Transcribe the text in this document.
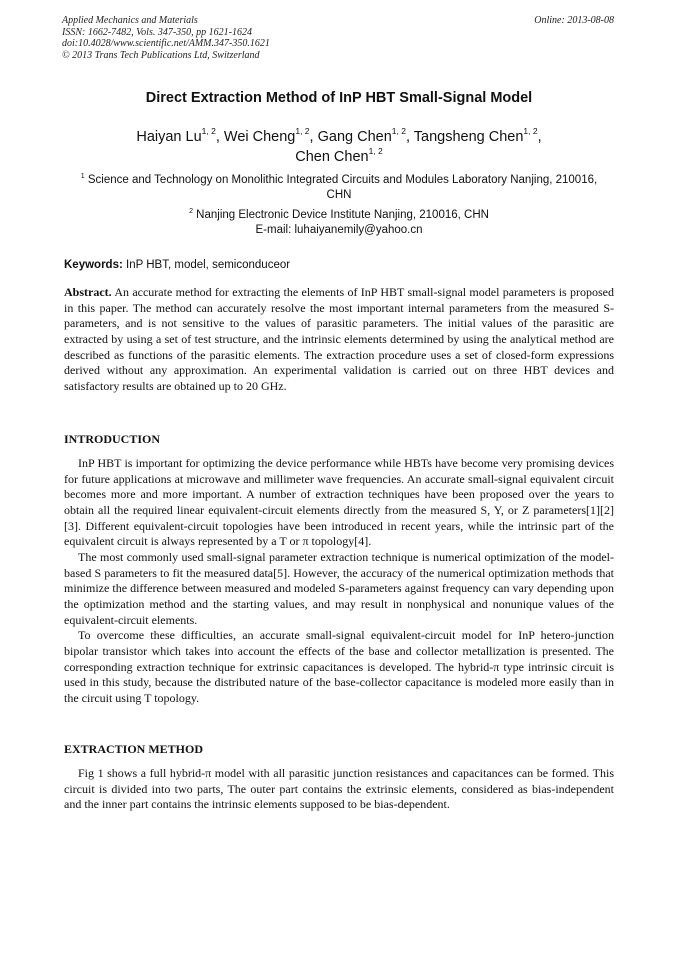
Applied Mechanics and Materials
ISSN: 1662-7482, Vols. 347-350, pp 1621-1624
doi:10.4028/www.scientific.net/AMM.347-350.1621
© 2013 Trans Tech Publications Ltd, Switzerland
Online: 2013-08-08
Direct Extraction Method of InP HBT Small-Signal Model
Haiyan Lu$^{1, 2}$, Wei Cheng$^{1, 2}$, Gang Chen$^{1, 2}$, Tangsheng Chen$^{1, 2}$,
Chen Chen$^{1, 2}$
$^1$ Science and Technology on Monolithic Integrated Circuits and Modules Laboratory Nanjing, 210016, CHN
$^2$ Nanjing Electronic Device Institute Nanjing, 210016, CHN
E-mail: luhaiyanemily@yahoo.cn
Keywords: InP HBT, model, semiconduceor
Abstract. An accurate method for extracting the elements of InP HBT small-signal model parameters is proposed in this paper. The method can accurately resolve the most important internal parameters from the measured S-parameters, and is not sensitive to the values of parasitic parameters. The initial values of the parasitic are extracted by using a set of test structure, and the intrinsic elements determined by using the analytical method are described as functions of the parasitic elements. The extraction procedure uses a set of closed-form expressions derived without any approximation. An experimental validation is carried out on three HBT devices and satisfactory results are obtained up to 20 GHz.
INTRODUCTION

InP HBT is important for optimizing the device performance while HBTs have become very promising devices for future applications at microwave and millimeter wave frequencies. An accurate small-signal equivalent circuit becomes more and more important. A number of extraction techniques have been proposed over the years to obtain all the required linear equivalent-circuit elements directly from the measured S, Y, or Z parameters[1][2][3]. Different equivalent-circuit topologies have been introduced in recent years, while the intrinsic part of the equivalent circuit is always represented by a T or π topology[4].

The most commonly used small-signal parameter extraction technique is numerical optimization of the model-based S parameters to fit the measured data[5]. However, the accuracy of the numerical optimization methods that minimize the difference between measured and modeled S-parameters against frequency can vary depending upon the optimization method and the starting values, and may result in nonphysical and nonunique values of the equivalent-circuit elements.

To overcome these difficulties, an accurate small-signal equivalent-circuit model for InP hetero-junction bipolar transistor which takes into account the effects of the base and collector metallization is presented. The corresponding extraction technique for extrinsic capacitances is developed. The hybrid-π type intrinsic circuit is used in this study, because the distributed nature of the base-collector capacitance is modeled more easily than in the circuit using T topology.

EXTRACTION METHOD

Fig 1 shows a full hybrid-π model with all parasitic junction resistances and capacitances can be formed. This circuit is divided into two parts, The outer part contains the extrinsic elements, considered as bias-independent and the inner part contains the intrinsic elements supposed to be bias-dependent.
